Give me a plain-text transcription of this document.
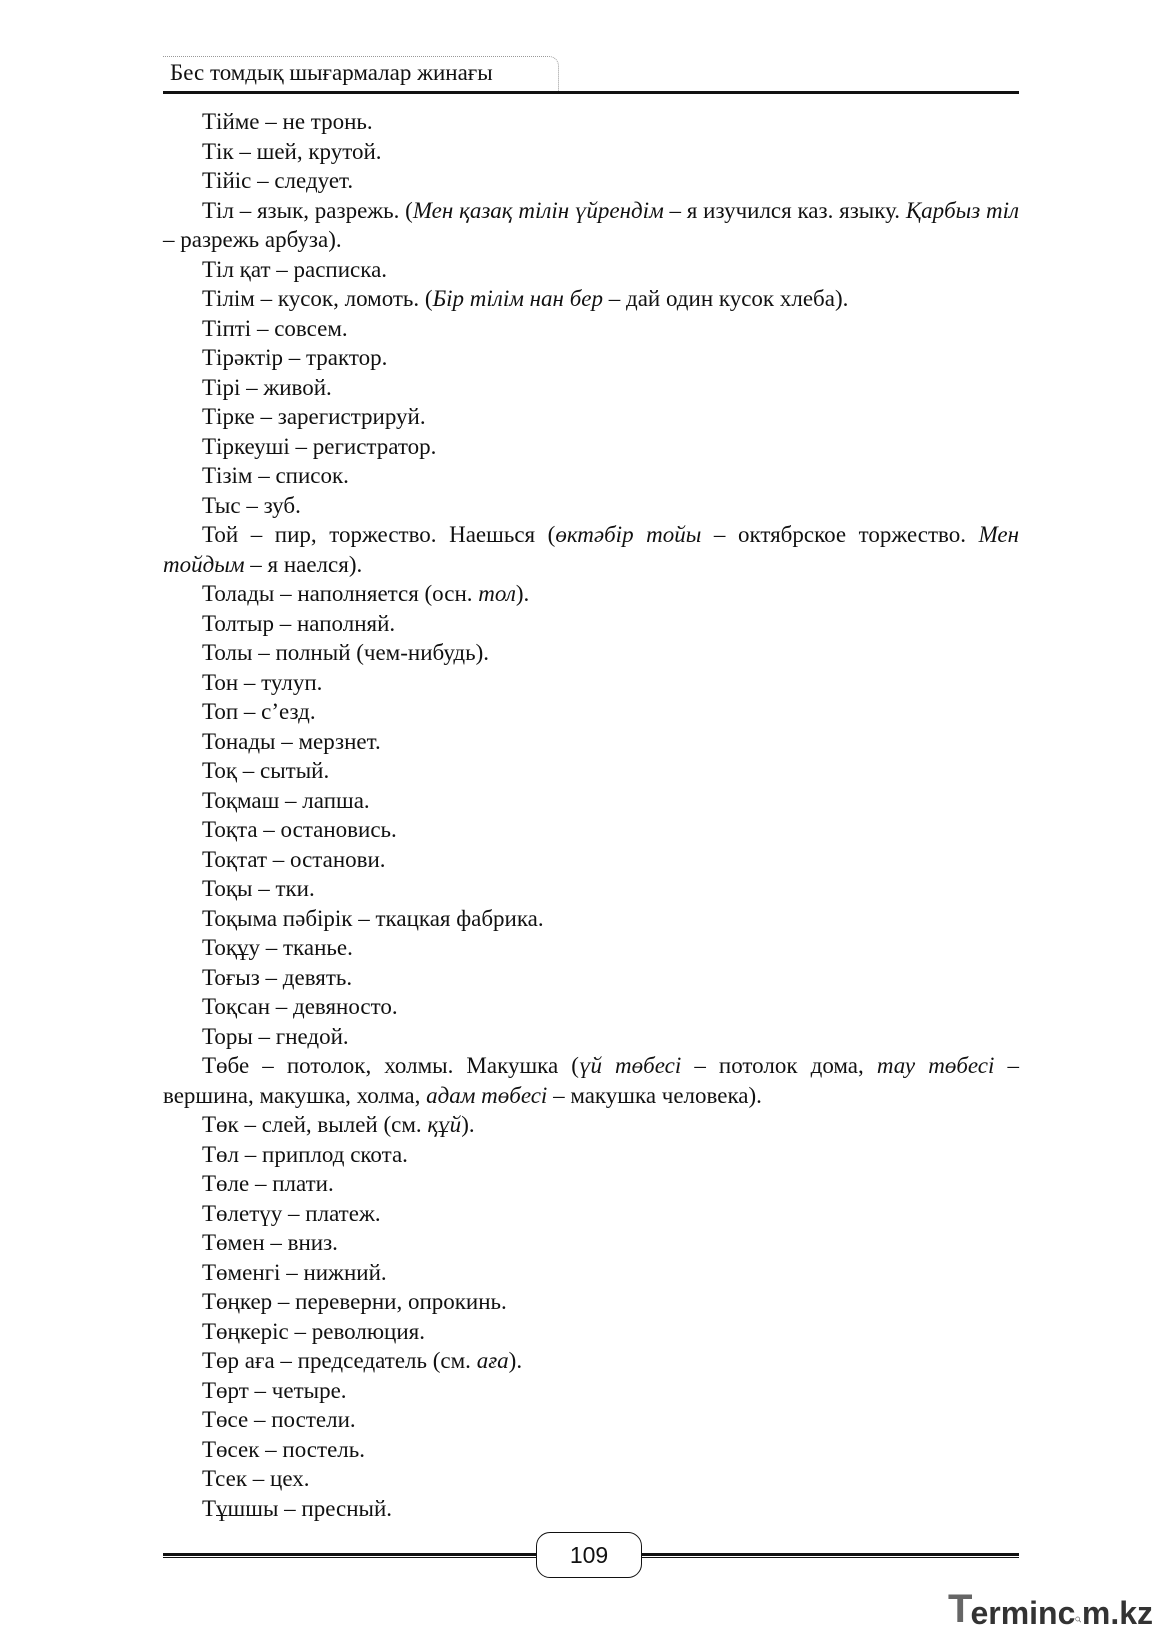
Бес томдық шығармалар жинағы

Тійме – не тронь.

Тік – шей, крутой.

Тійіс – следует.

Тіл – язык, разрежь. (Мен қазақ тілін үйрендім – я изучился каз. языку. Қарбыз тіл – разрежь арбуза).

Тіл қат – расписка.

Тілім – кусок, ломоть. (Бір тілім нан бер – дай один кусок хлеба).

Тіпті – совсем.

Тірәктір – трактор.

Тірі – живой.

Тірке – зарегистрируй.

Тіркеуші – регистратор.

Тізім – список.

Тыс – зуб.

Той – пир, торжество. Наешься (өктәбір тойы – октябрское торжество. Мен тойдым – я наелся).

Толады – наполняется (осн. тол).

Толтыр – наполняй.

Толы – полный (чем-нибудь).

Тон – тулуп.

Топ – с’езд.

Тонады – мерзнет.

Тоқ – сытый.

Тоқмаш – лапша.

Тоқта – остановись.

Тоқтат – останови.

Тоқы – тки.

Тоқыма пәбірік – ткацкая фабрика.

Тоқұу – тканье.

Тоғыз – девять.

Тоқсан – девяносто.

Торы – гнедой.

Төбе – потолок, холмы. Макушка (үй төбесі – потолок дома, тау төбесі – вершина, макушка, холма, адам төбесі – макушка человека).

Төк – слей, вылей (см. құй).

Төл – приплод скота.

Төле – плати.

Төлетүу – платеж.

Төмен – вниз.

Төменгі – нижний.

Төңкер – переверни, опрокинь.

Төңкеріс – революция.

Төр аға – председатель (см. аға).

Төрт – четыре.

Төсе – постели.

Төсек – постель.

Тсек – цех.

Тұшшы – пресный.

109
T
erminc m.kz
